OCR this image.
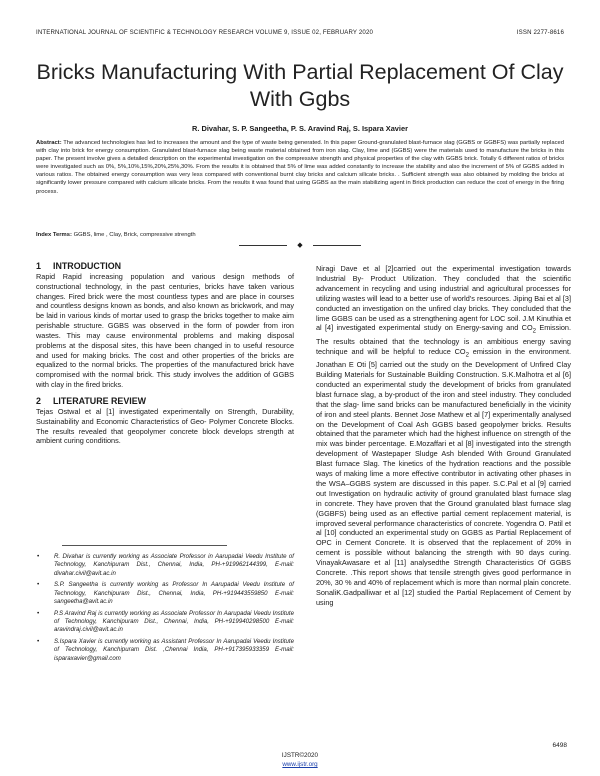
INTERNATIONAL JOURNAL OF SCIENTIFIC & TECHNOLOGY RESEARCH VOLUME 9, ISSUE 02, FEBRUARY 2020	ISSN 2277-8616
Bricks Manufacturing With Partial Replacement Of Clay With Ggbs
R. Divahar, S. P. Sangeetha, P. S. Aravind Raj, S. Ispara Xavier

Abstract: The advanced technologies has led to increases the amount and the type of waste being generated. In this paper Ground-granulated blast-furnace slag (GGBS or GGBFS) was partially replaced with clay into brick for energy consumption. Granulated blast-furnace slag being waste material obtained from iron slag. Clay, lime and (GGBS) were the materials used to manufacture the bricks in this paper. The present involve gives a detailed description on the experimental investigation on the compressive strength and physical properties of the clay with GGBS brick. Totally 6 different ratios of bricks were investigated such as 0%, 5%,10%,15%,20%,25%,30%. From the results it is obtained that 5% of lime was added constantly to increase the stability and also the increment of 5% of GGBS added in various ratios. The obtained energy consumption was very less compared with conventional burnt clay bricks and calcium silicate bricks. . Sufficient strength was also obtained by molding the bricks at significantly lower pressure compared with calcium silicate bricks. From the results it was found that using GGBS as the main stabilizing agent in Brick production can reduce the cost of energy in the firing process.

Index Terms: GGBS, lime , Clay, Brick, compressive strength

◆

1 INTRODUCTION

Rapid Rapid increasing population and various design methods of constructional technology, in the past centuries, bricks have taken various changes. Fired brick were the most countless types and are place in courses and countless designs known as bonds, and also known as brickwork, and may be laid in various kinds of mortar used to grasp the bricks together to make aim perishable structure. GGBS was observed in the form of powder from iron wastes. This may cause environmental problems and making disposal problems at the disposal sites, this have been changed in to useful resource and used for making bricks. The cost and other properties of the bricks are equalized to the normal bricks. The properties of the manufactured brick have compromised with the normal brick. This study involves the addition of GGBS with clay in the fired bricks.

2 LITERATURE REVIEW

Tejas Ostwal et al [1] investigated experimentally on Strength, Durability, Sustainability and Economic Characteristics of Geo- Polymer Concrete Blocks. The results revealed that geopolymer concrete block develops strength at ambient curing conditions.

• R. Divahar is currently working as Associate Professor in Aarupadai Veedu Institute of Technology, Kanchipuram Dist., Chennai, India, PH-+919962144399, E-mail: divahar.civil@avit.ac.in
• S.P. Sangeetha is currently working as Professor In Aarupadai Veedu Institute of Technology, Kanchipuram Dist., Chennai, India, PH-+919443559850 E-mail: sangeetha@avit.ac.in
• P.S Aravind Raj is currently working as Associate Professor In Aarupadai Veedu Institute of Technology, Kanchipuram Dist., Chennai, India, PH-+919940298500 E-mail: aravindraj.civil@avit.ac.in
• S.Ispara Xavier is currently working as Assistant Professor In Aarupadai Veedu Institute of Technology, Kanchipuram Dist. ,Chennai India, PH-+917395933359 E-mail: isparaxavier@gmail.com

Niragi Dave et al [2]carried out the experimental investigation towards Industrial By- Product Utilization. They concluded that the scientific advancement in recycling and using industrial and agricultural processes for utilizing wastes will lead to a better use of world's resources. Jiping Bai et al [3] conducted an investigation on the unfired clay bricks. They concluded that the lime GGBS can be used as a strengthening agent for LOC soil. J.M Kinuthia et al [4] investigated experimental study on Energy-saving and $CO_2$ Emission. The results obtained that the technology is an ambitious energy saving technique and will be helpful to reduce $CO_2$ emission in the environment. Jonathan E Oti [5] carried out the study on the Development of Unfired Clay Building Materials for Sustainable Building Construction. S.K.Malhotra et al [6] conducted an experimental study the development of bricks from granulated blast furnace slag, a by-product of the iron and steel industry. They concluded that the slag- lime sand bricks can be manufactured beneficially in the vicinity of iron and steel plants. Bennet Jose Mathew et al [7] experimentally analysed on the Development of Coal Ash GGBS based geopolymer bricks. Results obtained that the parameter which had the highest influence on strength of the mix was binder percentage. E.Mozaffari et al [8] investigated into the strength development of Wastepaper Sludge Ash blended With Ground Granulated Blast furnace Slag. The kinetics of the hydration reactions and the possible ways of making lime a more effective contributor in activating other phases in the WSA–GGBS system are discussed in this paper. S.C.Pal et al [9] carried out Investigation on hydraulic activity of ground granulated blast furnace slag in concrete. They have proven that the Ground granulated blast furnace slag (GGBFS) being used as an effective partial cement replacement material, is improved several performance characteristics of concrete. Yogendra O. Patil et al [10] conducted an experimental study on GGBS as Partial Replacement of OPC in Cement Concrete. It is observed that the replacement of 20% in cement is possible without balancing the strength with 90 days curing. VinayakAwasare et al [11] analysedthe Strength Characteristics Of GGBS Concrete. .This report shows that tensile strength gives good performance in 20%, 30 % and 40% of replacement which is more than normal plain concrete. SonaliK.Gadpalliwar et al [12] studied the Partial Replacement of Cement by using

6498
IJSTR©2020
www.ijstr.org
